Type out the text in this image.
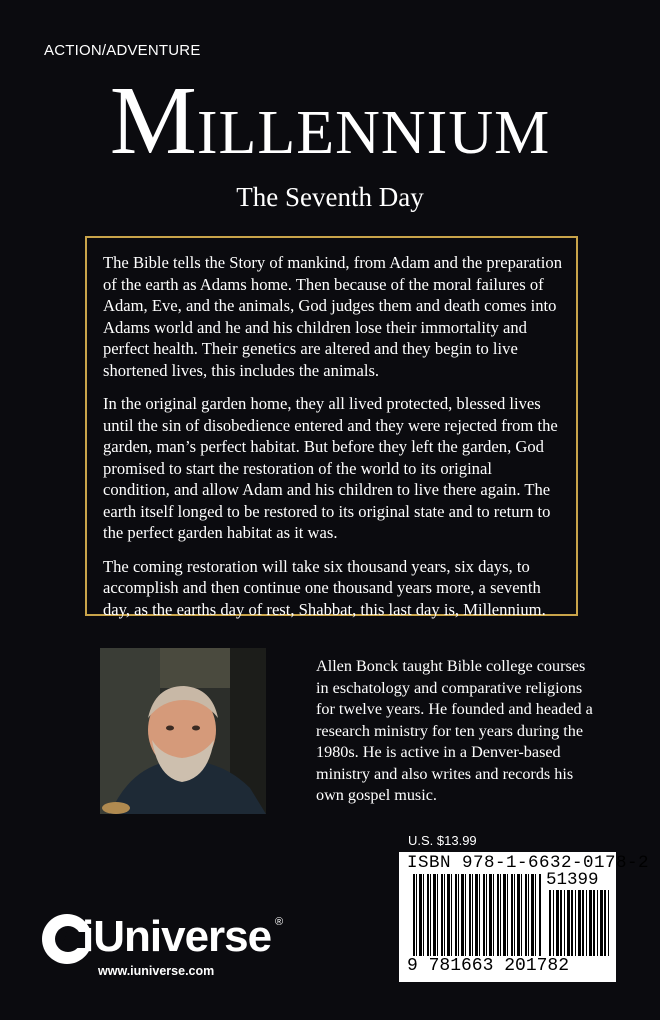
ACTION/ADVENTURE
MILLENNIUM
The Seventh Day

The Bible tells the Story of mankind, from Adam and the preparation of the earth as Adams home. Then because of the moral failures of Adam, Eve, and the animals, God judges them and death comes into Adams world and he and his children lose their immortality and perfect health. Their genetics are altered and they begin to live shortened lives, this includes the animals.

In the original garden home, they all lived protected, blessed lives until the sin of disobedience entered and they were rejected from the garden, man’s perfect habitat. But before they left the garden, God promised to start the restoration of the world to its original condition, and allow Adam and his children to live there again. The earth itself longed to be restored to its original state and to return to the perfect garden habitat as it was.

The coming restoration will take six thousand years, six days, to accomplish and then continue one thousand years more, a seventh day, as the earths day of rest, Shabbat, this last day is, Millennium.

Allen Bonck taught Bible college courses in eschatology and comparative religions for twelve years. He founded and headed a research ministry for ten years during the 1980s. He is active in a Denver-based ministry and also writes and records his own gospel music.

U.S. $13.99
ISBN 978-1-6632-0178-2
51399
9 781663 201782
iUniverse ®
www.iuniverse.com
